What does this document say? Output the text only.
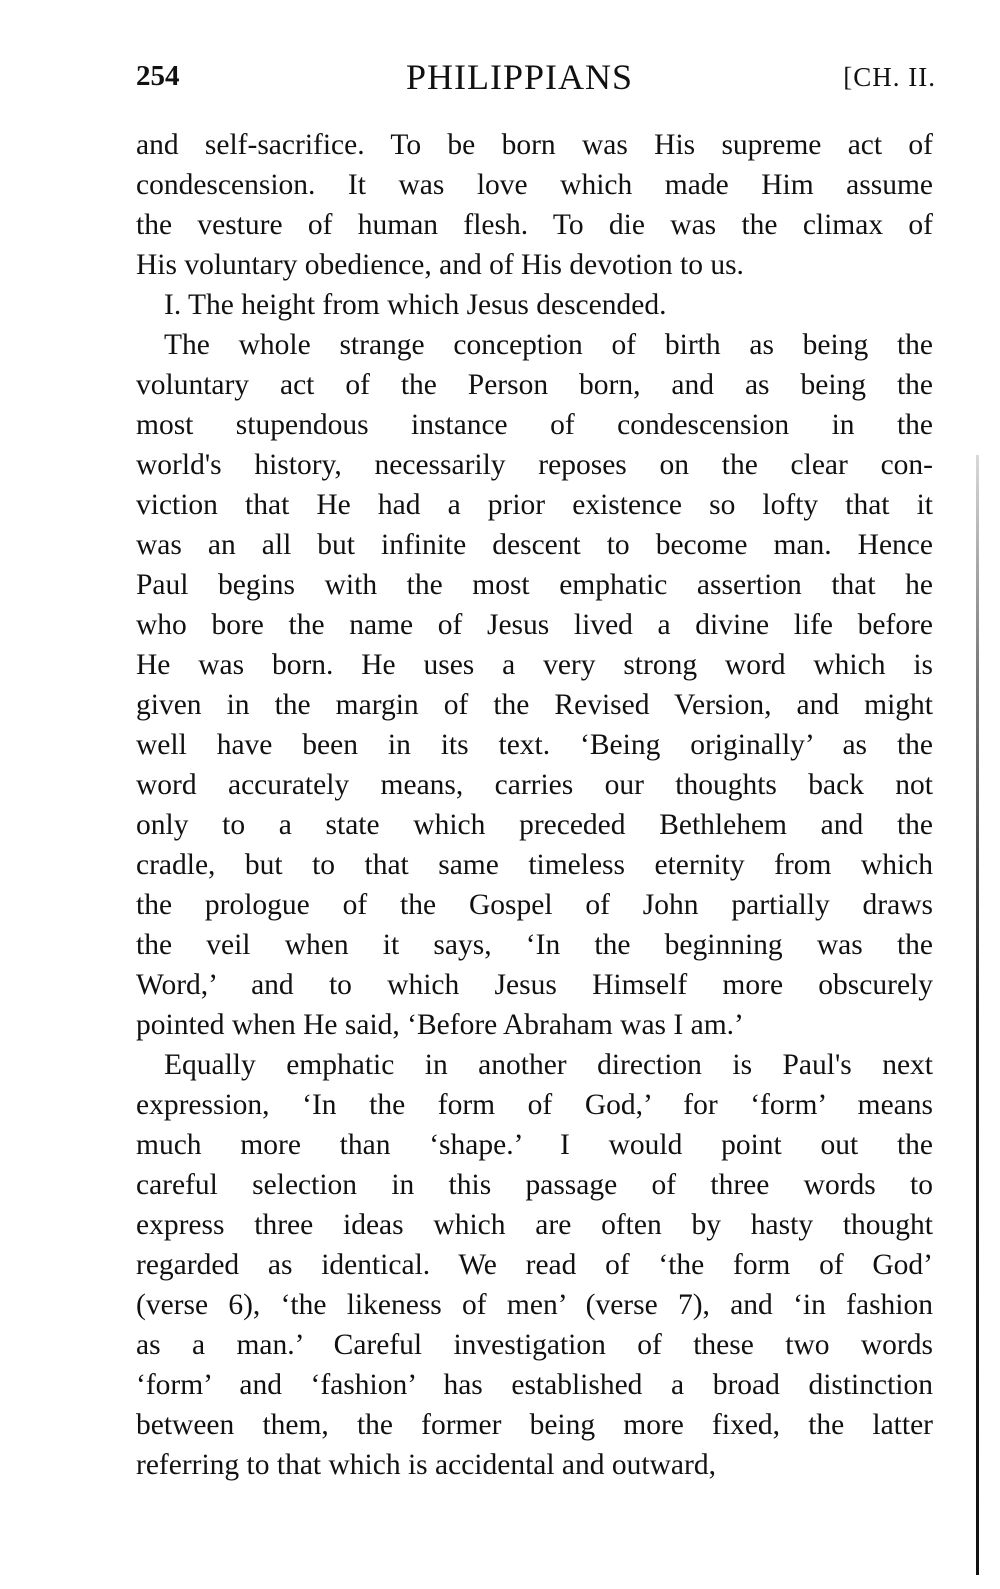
254	PHILIPPIANS	[CH. II.
and self-sacrifice. To be born was His supreme act of
condescension. It was love which made Him assume
the vesture of human flesh. To die was the climax of
His voluntary obedience, and of His devotion to us.
I. The height from which Jesus descended.
The whole strange conception of birth as being the
voluntary act of the Person born, and as being the
most stupendous instance of condescension in the
world's history, necessarily reposes on the clear con-
viction that He had a prior existence so lofty that it
was an all but infinite descent to become man. Hence
Paul begins with the most emphatic assertion that he
who bore the name of Jesus lived a divine life before
He was born. He uses a very strong word which is
given in the margin of the Revised Version, and might
well have been in its text. ‘Being originally’ as the
word accurately means, carries our thoughts back not
only to a state which preceded Bethlehem and the
cradle, but to that same timeless eternity from which
the prologue of the Gospel of John partially draws
the veil when it says, ‘In the beginning was the
Word,’ and to which Jesus Himself more obscurely
pointed when He said, ‘Before Abraham was I am.’
Equally emphatic in another direction is Paul's next
expression, ‘In the form of God,’ for ‘form’ means
much more than ‘shape.’ I would point out the
careful selection in this passage of three words to
express three ideas which are often by hasty thought
regarded as identical. We read of ‘the form of God’
(verse 6), ‘the likeness of men’ (verse 7), and ‘in fashion
as a man.’ Careful investigation of these two words
‘form’ and ‘fashion’ has established a broad distinction
between them, the former being more fixed, the latter
referring to that which is accidental and outward,
